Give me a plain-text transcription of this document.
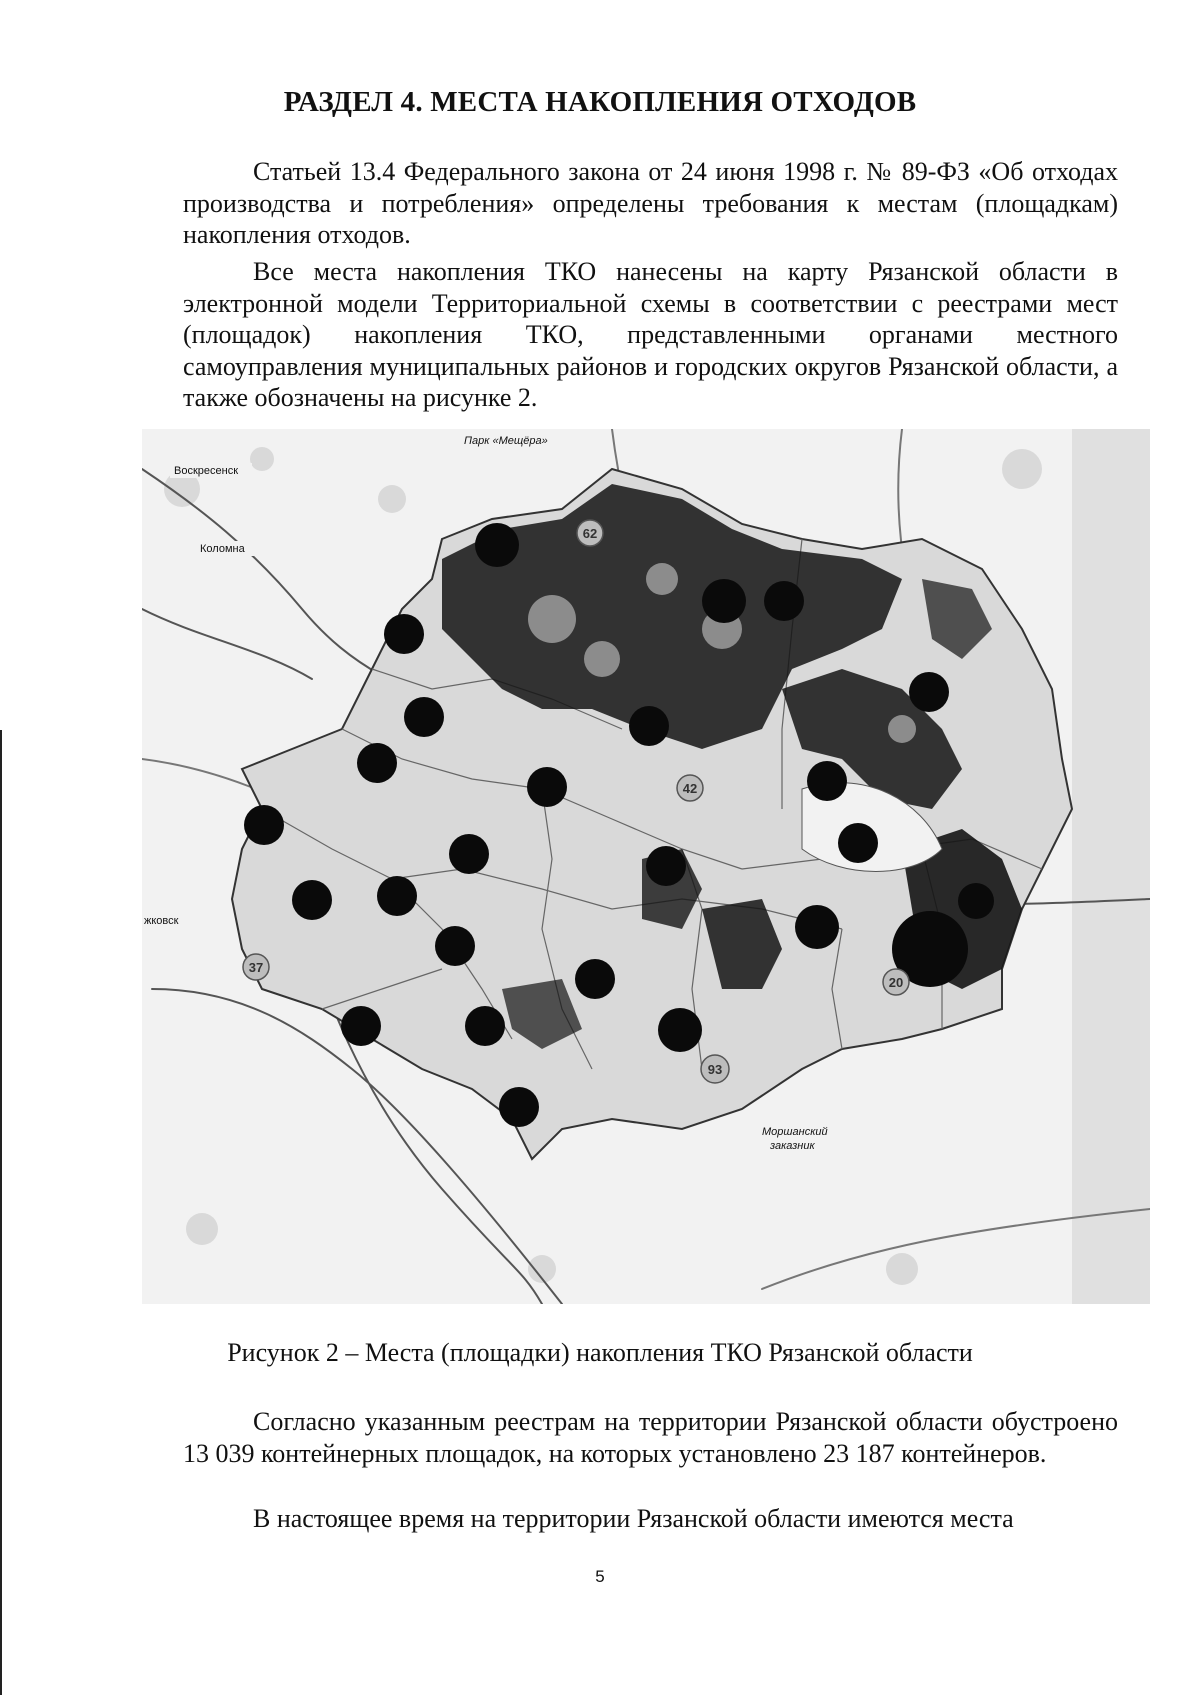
РАЗДЕЛ 4. МЕСТА НАКОПЛЕНИЯ ОТХОДОВ

Статьей 13.4 Федерального закона от 24 июня 1998 г. № 89-ФЗ «Об отходах производства и потребления» определены требования к местам (площадкам) накопления отходов.

Все места накопления ТКО нанесены на карту Рязанской области в электронной модели Территориальной схемы в соответствии с реестрами мест (площадок) накопления ТКО, представленными органами местного самоуправления муниципальных районов и городских округов Рязанской области, а также обозначены на рисунке 2.

62
42
37
20
93
Парк «Мещёра»
Воскресенск
Коломна
жковск
Моршанский
заказник
Рисунок 2 – Места (площадки) накопления ТКО Рязанской области

Согласно указанным реестрам на территории Рязанской области обустроено 13 039 контейнерных площадок, на которых установлено 23 187 контейнеров.

В настоящее время на территории Рязанской области имеются места

5
